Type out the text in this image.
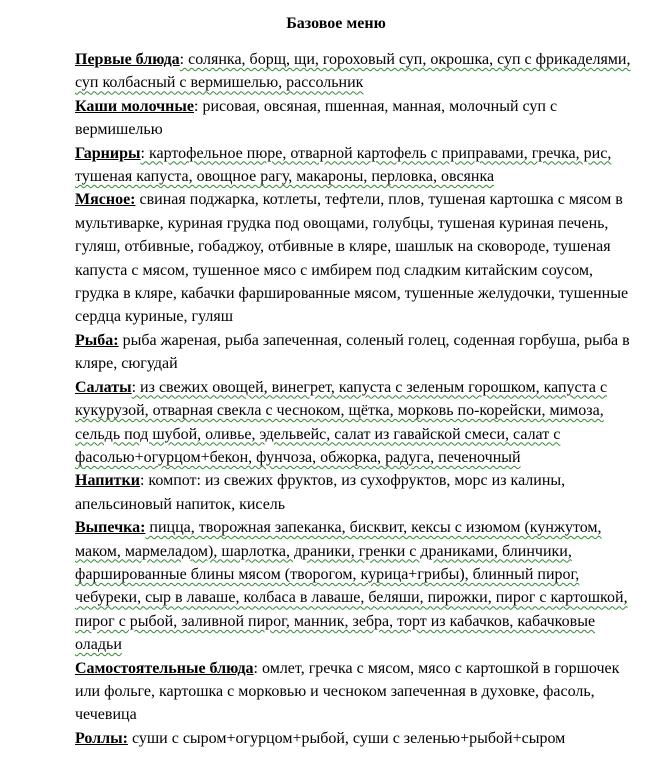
Базовое меню

Первые блюда: солянка, борщ, щи, гороховый суп, окрошка, суп с фрикаделями, суп колбасный с вермишелью, рассольник

Каши молочные: рисовая, овсяная, пшенная, манная, молочный суп с вермишелью

Гарниры: картофельное пюре, отварной картофель с приправами, гречка, рис, тушеная капуста, овощное рагу, макароны, перловка, овсянка

Мясное: свиная поджарка, котлеты, тефтели, плов, тушеная картошка с мясом в мультиварке, куриная грудка под овощами, голубцы, тушеная куриная печень, гуляш, отбивные, гобаджоу, отбивные в кляре, шашлык на сковороде, тушеная капуста с мясом, тушенное мясо с имбирем под сладким китайским соусом, грудка в кляре, кабачки фаршированные мясом, тушенные желудочки, тушенные сердца куриные, гуляш

Рыба: рыба жареная, рыба запеченная, соленый голец, соденная горбуша, рыба в кляре, сюгудай

Салаты: из свежих овощей, винегрет, капуста с зеленым горошком, капуста с кукурузой, отварная свекла с чесноком, щётка, морковь по-корейски, мимоза, сельдь под шубой, оливье, эдельвейс, салат из гавайской смеси, салат с фасолью+огурцом+бекон, фунчоза, обжорка, радуга, печеночный

Напитки: компот: из свежих фруктов, из сухофруктов, морс из калины, апельсиновый напиток, кисель

Выпечка: пицца, творожная запеканка, бисквит, кексы с изюмом (кунжутом, маком, мармеладом), шарлотка, драники, гренки с драниками, блинчики, фаршированные блины мясом (творогом, курица+грибы), блинный пирог, чебуреки, сыр в лаваше, колбаса в лаваше, беляши, пирожки, пирог с картошкой, пирог с рыбой, заливной пирог, манник, зебра, торт из кабачков, кабачковые оладьи

Самостоятельные блюда: омлет, гречка с мясом, мясо с картошкой в горшочек или фольге, картошка с морковью и чесноком запеченная в духовке, фасоль, чечевица

Роллы: суши с сыром+огурцом+рыбой, суши с зеленью+рыбой+сыром
